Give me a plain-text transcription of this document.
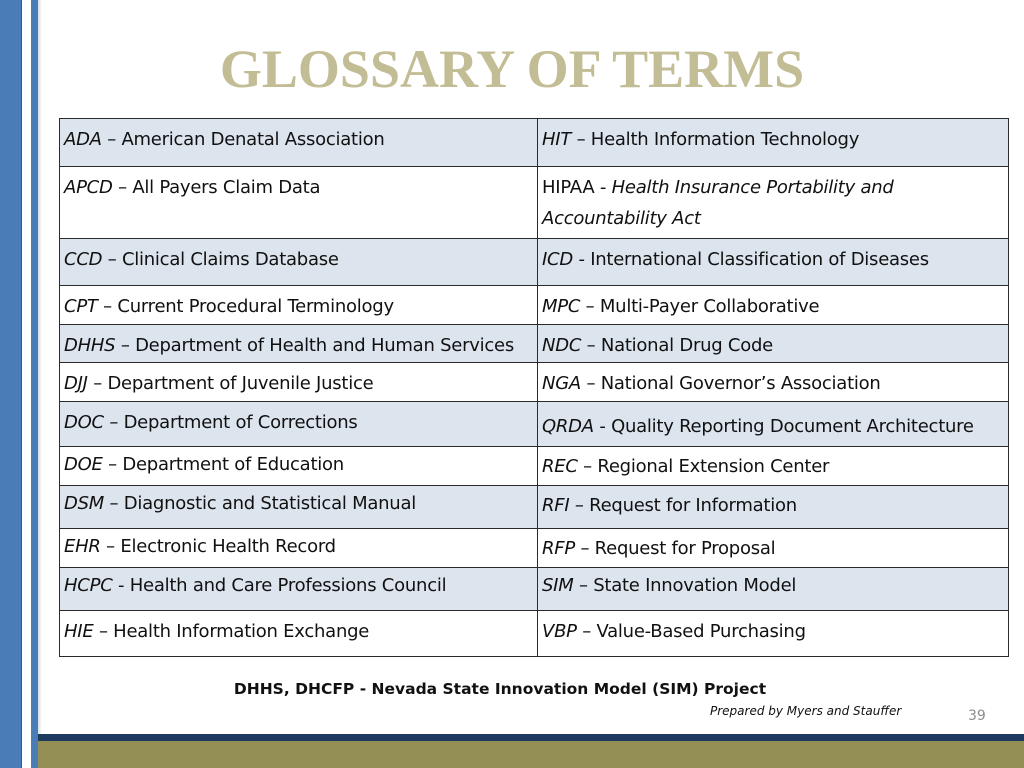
GLOSSARY OF TERMS
ADA – American Denatal Association	HIT – Health Information Technology
APCD – All Payers Claim Data	HIPAA - Health Insurance Portability and Accountability Act
CCD – Clinical Claims Database	ICD - International Classification of Diseases
CPT – Current Procedural Terminology	MPC – Multi-Payer Collaborative
DHHS – Department of Health and Human Services	NDC – National Drug Code
DJJ – Department of Juvenile Justice	NGA – National Governor’s Association
DOC – Department of Corrections	QRDA - Quality Reporting Document Architecture
DOE – Department of Education	REC – Regional Extension Center
DSM – Diagnostic and Statistical Manual	RFI – Request for Information
EHR – Electronic Health Record	RFP – Request for Proposal
HCPC - Health and Care Professions Council	SIM – State Innovation Model
HIE – Health Information Exchange	VBP – Value-Based Purchasing
DHHS, DHCFP - Nevada State Innovation Model (SIM) Project
Prepared by Myers and Stauffer	39
